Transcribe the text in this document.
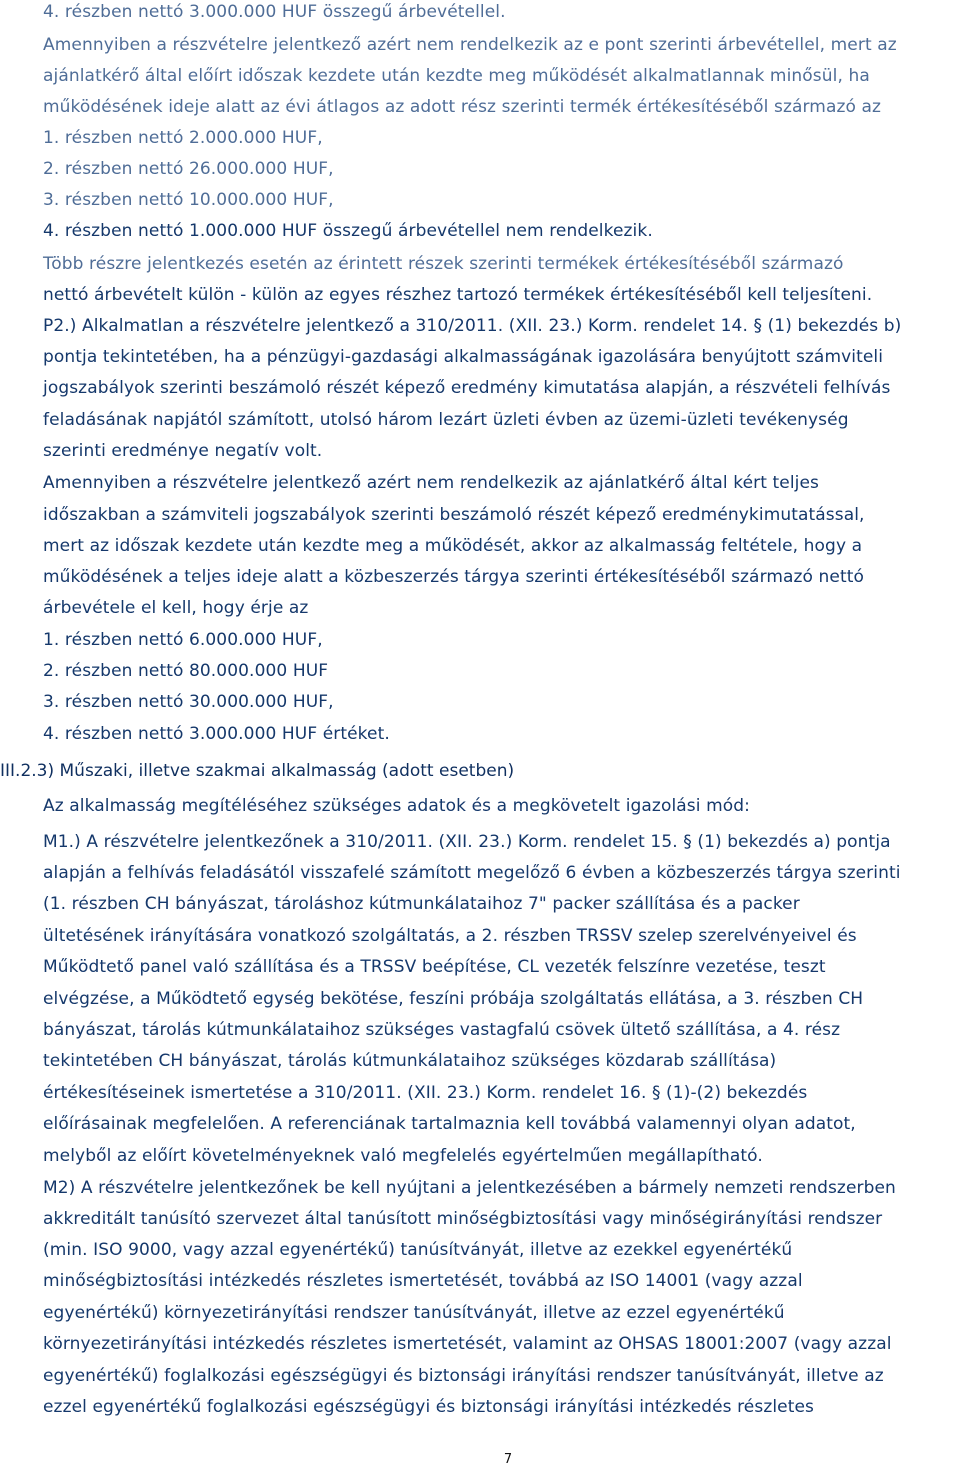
4. részben nettó 3.000.000 HUF összegű árbevétellel.
Amennyiben a részvételre jelentkező azért nem rendelkezik az e pont szerinti árbevétellel, mert az
ajánlatkérő által előírt időszak kezdete után kezdte meg működését alkalmatlannak minősül, ha
működésének ideje alatt az évi átlagos az adott rész szerinti termék értékesítéséből származó az
1. részben nettó 2.000.000 HUF,
2. részben nettó 26.000.000 HUF,
3. részben nettó 10.000.000 HUF,
4. részben nettó 1.000.000 HUF összegű árbevétellel nem rendelkezik.
Több részre jelentkezés esetén az érintett részek szerinti termékek értékesítéséből származó
nettó árbevételt külön - külön az egyes részhez tartozó termékek értékesítéséből kell teljesíteni.
P2.) Alkalmatlan a részvételre jelentkező a 310/2011. (XII. 23.) Korm. rendelet 14. § (1) bekezdés b)
pontja tekintetében, ha a pénzügyi-gazdasági alkalmasságának igazolására benyújtott számviteli
jogszabályok szerinti beszámoló részét képező eredmény kimutatása alapján, a részvételi felhívás
feladásának napjától számított, utolsó három lezárt üzleti évben az üzemi-üzleti tevékenység
szerinti eredménye negatív volt.
Amennyiben a részvételre jelentkező azért nem rendelkezik az ajánlatkérő által kért teljes
időszakban a számviteli jogszabályok szerinti beszámoló részét képező eredménykimutatással,
mert az időszak kezdete után kezdte meg a működését, akkor az alkalmasság feltétele, hogy a
működésének a teljes ideje alatt a közbeszerzés tárgya szerinti értékesítéséből származó nettó
árbevétele el kell, hogy érje az
1. részben nettó 6.000.000 HUF,
2. részben nettó 80.000.000 HUF
3. részben nettó 30.000.000 HUF,
4. részben nettó 3.000.000 HUF értéket.
III.2.3) Műszaki, illetve szakmai alkalmasság (adott esetben)
Az alkalmasság megítéléséhez szükséges adatok és a megkövetelt igazolási mód:
M1.) A részvételre jelentkezőnek a 310/2011. (XII. 23.) Korm. rendelet 15. § (1) bekezdés a) pontja
alapján a felhívás feladásától visszafelé számított megelőző 6 évben a közbeszerzés tárgya szerinti
(1. részben CH bányászat, tároláshoz kútmunkálataihoz 7" packer szállítása és a packer
ültetésének irányítására vonatkozó szolgáltatás, a 2. részben TRSSV szelep szerelvényeivel és
Működtető panel való szállítása és a TRSSV beépítése, CL vezeték felszínre vezetése, teszt
elvégzése, a Működtető egység bekötése, feszíni próbája szolgáltatás ellátása, a 3. részben CH
bányászat, tárolás kútmunkálataihoz szükséges vastagfalú csövek ültető szállítása, a 4. rész
tekintetében CH bányászat, tárolás kútmunkálataihoz szükséges közdarab szállítása)
értékesítéseinek ismertetése a 310/2011. (XII. 23.) Korm. rendelet 16. § (1)-(2) bekezdés
előírásainak megfelelően. A referenciának tartalmaznia kell továbbá valamennyi olyan adatot,
melyből az előírt követelményeknek való megfelelés egyértelműen megállapítható.
M2) A részvételre jelentkezőnek be kell nyújtani a jelentkezésében a bármely nemzeti rendszerben
akkreditált tanúsító szervezet által tanúsított minőségbiztosítási vagy minőségirányítási rendszer
(min. ISO 9000, vagy azzal egyenértékű) tanúsítványát, illetve az ezekkel egyenértékű
minőségbiztosítási intézkedés részletes ismertetését, továbbá az ISO 14001 (vagy azzal
egyenértékű) környezetirányítási rendszer tanúsítványát, illetve az ezzel egyenértékű
környezetirányítási intézkedés részletes ismertetését, valamint az OHSAS 18001:2007 (vagy azzal
egyenértékű) foglalkozási egészségügyi és biztonsági irányítási rendszer tanúsítványát, illetve az
ezzel egyenértékű foglalkozási egészségügyi és biztonsági irányítási intézkedés részletes
7
